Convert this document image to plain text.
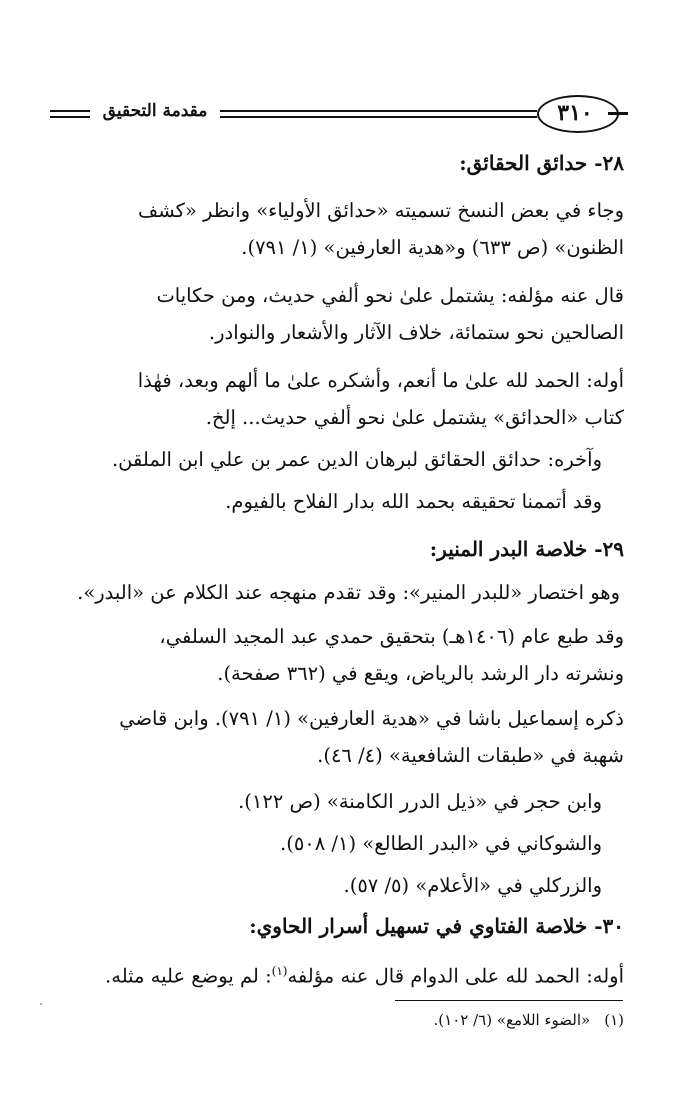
مقدمة التحقيق	٣١٠
٢٨- حدائق الحقائق:
وجاء في بعض النسخ تسميته «حدائق الأولياء» وانظر «كشف
الظنون» (ص ٦٣٣) و«هدية العارفين» (١/ ٧٩١).
قال عنه مؤلفه: يشتمل علىٰ نحو ألفي حديث، ومن حكايات
الصالحين نحو ستمائة، خلاف الآثار والأشعار والنوادر.
أوله: الحمد لله علىٰ ما أنعم، وأشكره علىٰ ما ألهم وبعد، فهٰذا
كتاب «الحدائق» يشتمل علىٰ نحو ألفي حديث... إلخ.
وآخره: حدائق الحقائق لبرهان الدين عمر بن علي ابن الملقن.
وقد أتممنا تحقيقه بحمد الله بدار الفلاح بالفيوم.
٢٩- خلاصة البدر المنير:
وهو اختصار «للبدر المنير»: وقد تقدم منهجه عند الكلام عن «البدر».
وقد طبع عام (١٤٠٦هـ) بتحقيق حمدي عبد المجيد السلفي،
ونشرته دار الرشد بالرياض، ويقع في (٣٦٢ صفحة).
ذكره إسماعيل باشا في «هدية العارفين» (١/ ٧٩١). وابن قاضي
شهبة في «طبقات الشافعية» (٤/ ٤٦).
وابن حجر في «ذيل الدرر الكامنة» (ص ١٢٢).
والشوكاني في «البدر الطالع» (١/ ٥٠٨).
والزركلي في «الأعلام» (٥/ ٥٧).
٣٠- خلاصة الفتاوي في تسهيل أسرار الحاوي:
أوله: الحمد لله على الدوام قال عنه مؤلفه$^{(١)}$: لم يوضع عليه مثله.
(١)«الضوء اللامع» (٦/ ١٠٢).
